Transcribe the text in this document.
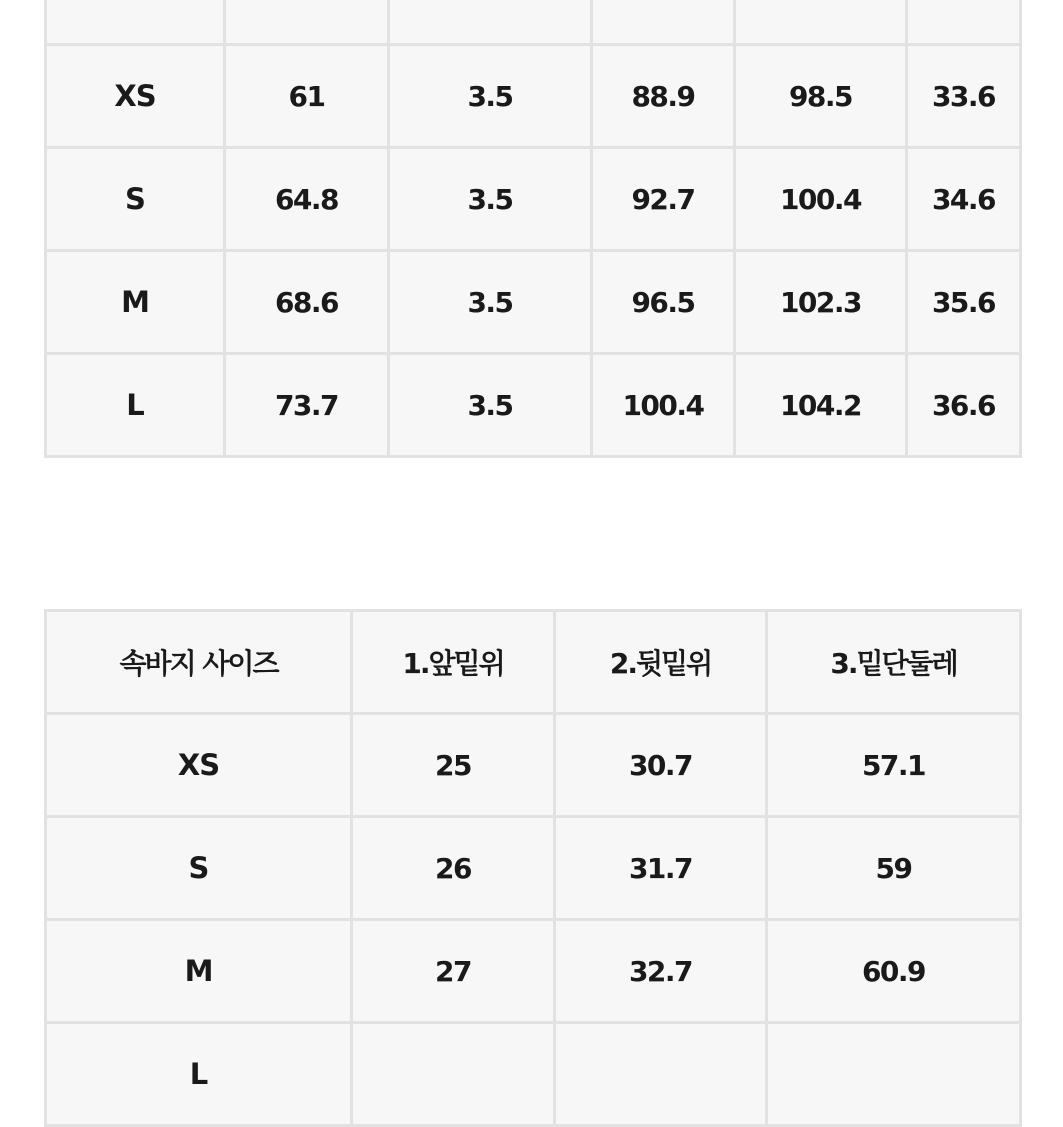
XS	61	3.5	88.9	98.5	33.6
S	64.8	3.5	92.7	100.4	34.6
M	68.6	3.5	96.5	102.3	35.6
L	73.7	3.5	100.4	104.2	36.6
속바지 사이즈	1.앞밑위	2.뒷밑위	3.밑단둘레
XS	25	30.7	57.1
S	26	31.7	59
M	27	32.7	60.9
L			
